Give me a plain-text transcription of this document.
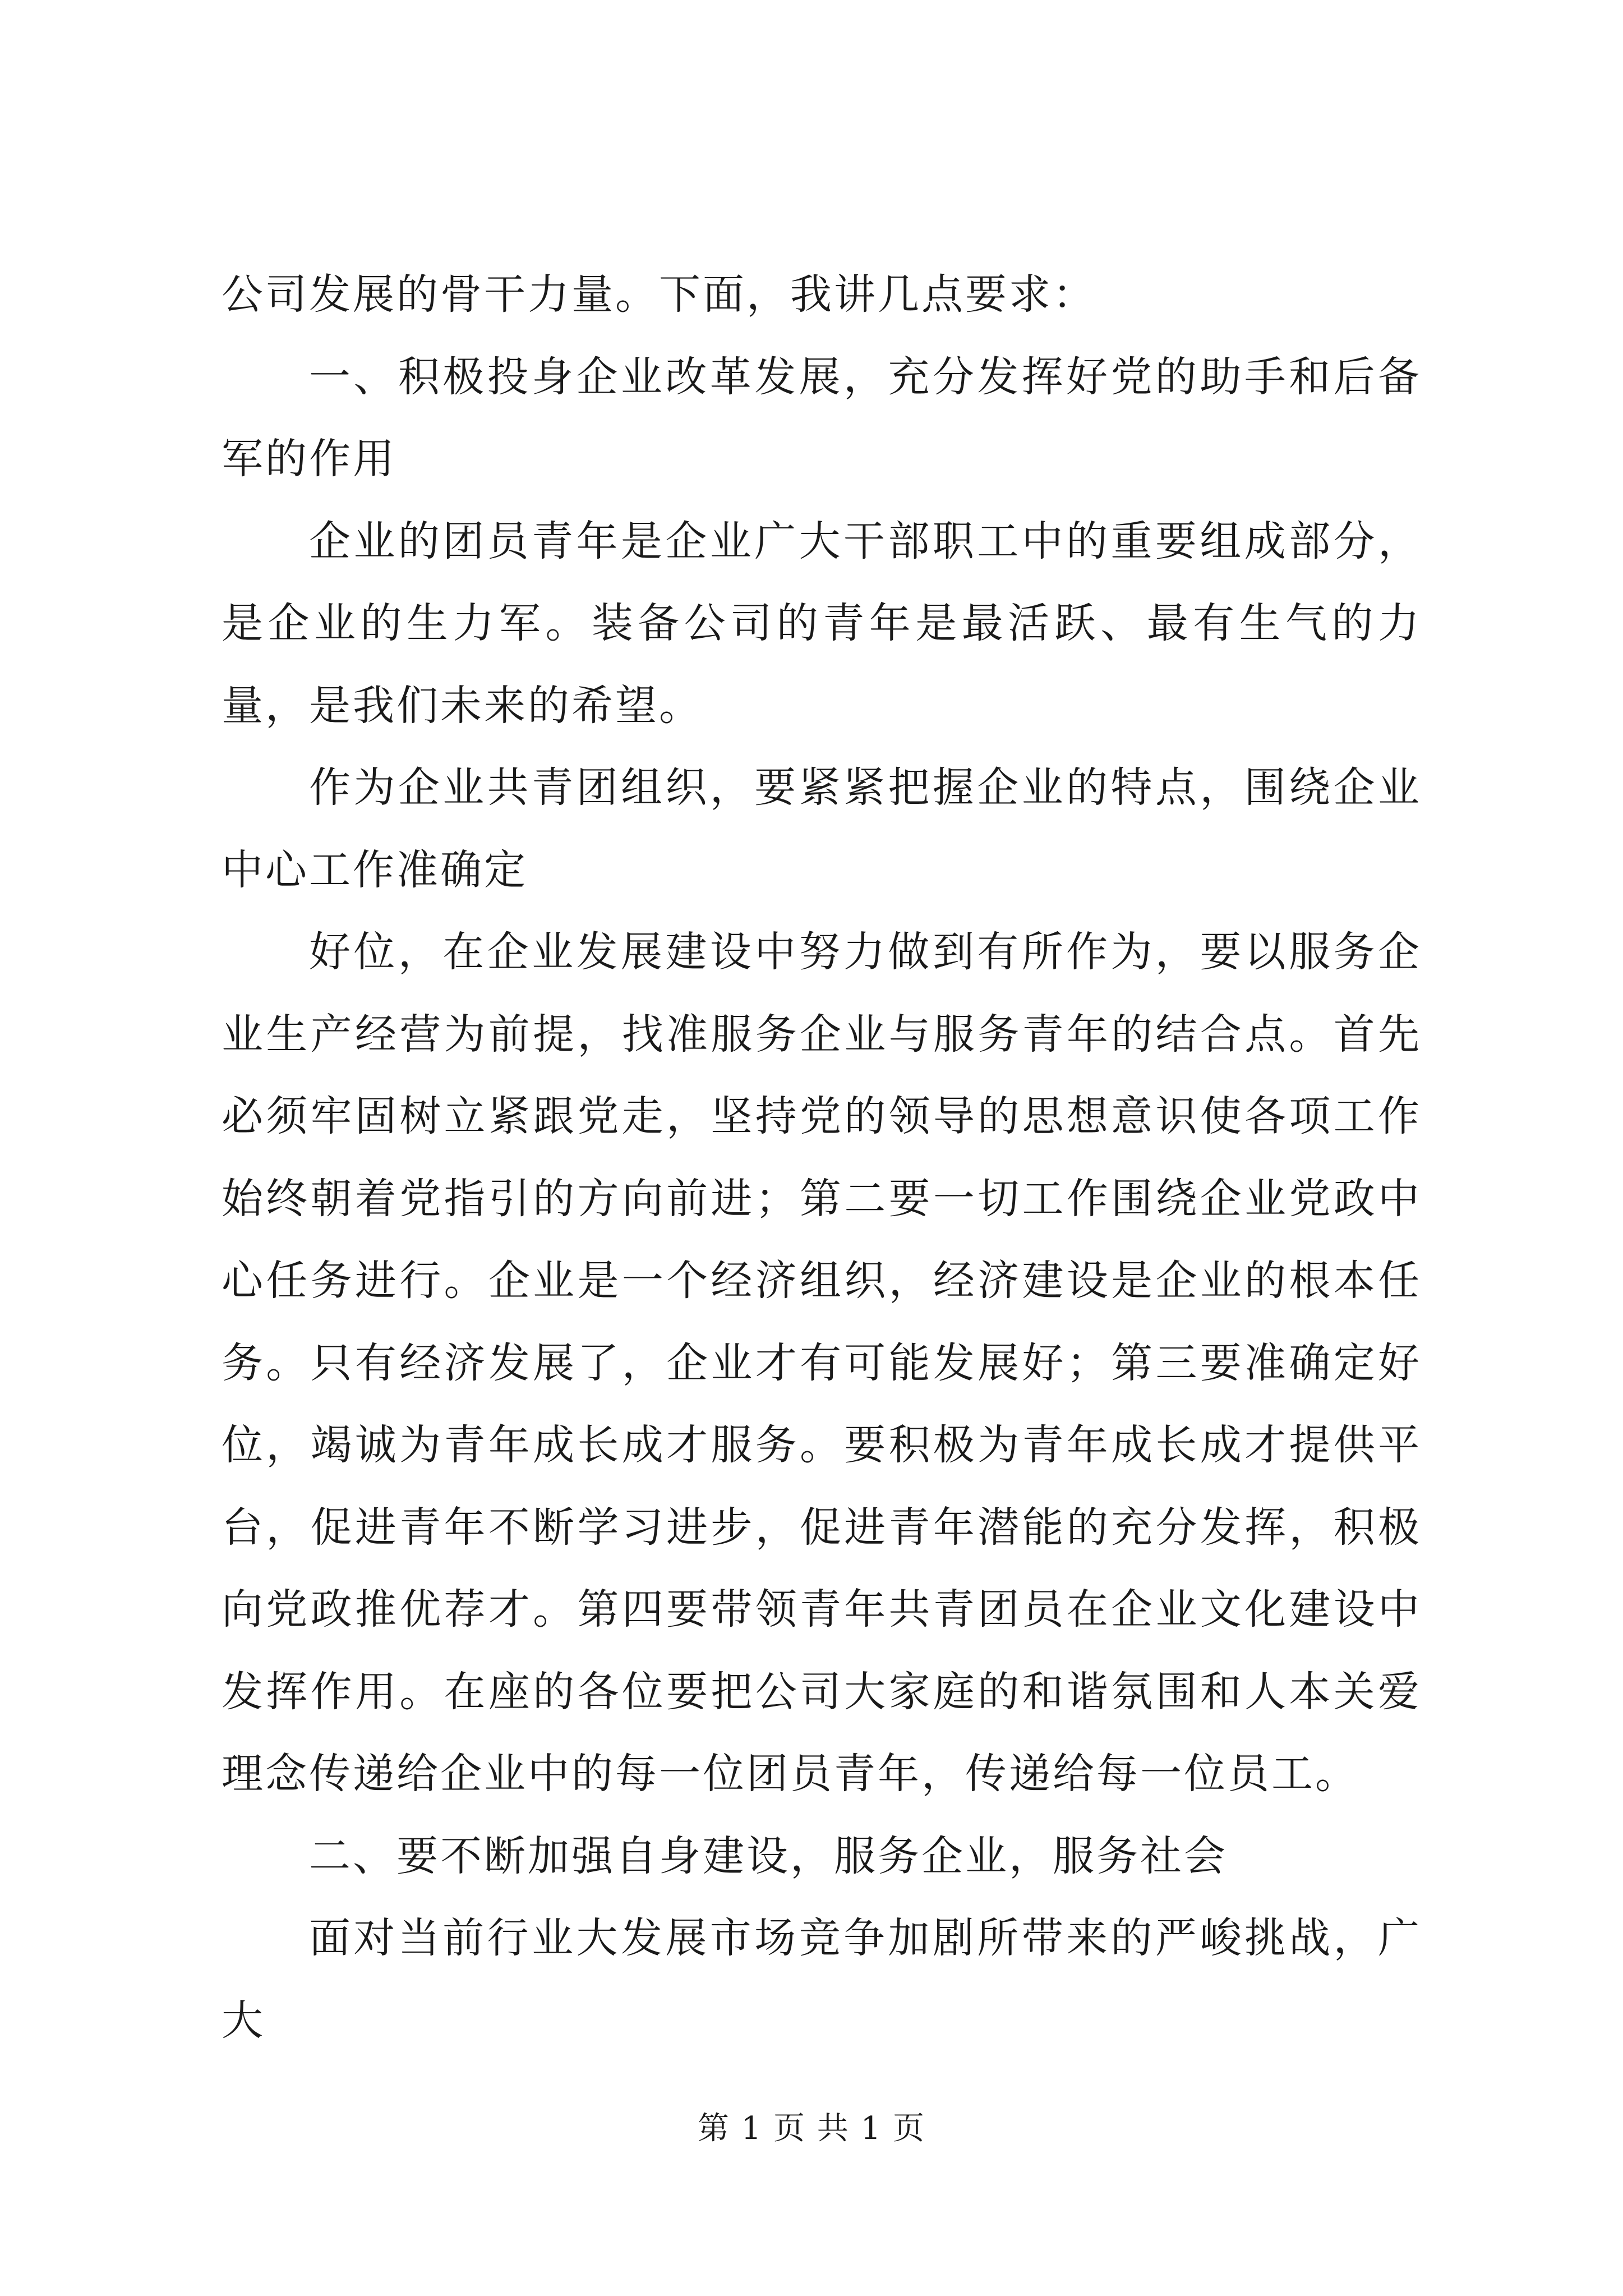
公司发展的骨干力量。下面，我讲几点要求：

一、积极投身企业改革发展，充分发挥好党的助手和后备军的作用

企业的团员青年是企业广大干部职工中的重要组成部分，是企业的生力军。装备公司的青年是最活跃、最有生气的力量，是我们未来的希望。

作为企业共青团组织，要紧紧把握企业的特点，围绕企业中心工作准确定

好位，在企业发展建设中努力做到有所作为，要以服务企业生产经营为前提，找准服务企业与服务青年的结合点。首先必须牢固树立紧跟党走，坚持党的领导的思想意识使各项工作始终朝着党指引的方向前进；第二要一切工作围绕企业党政中心任务进行。企业是一个经济组织，经济建设是企业的根本任务。只有经济发展了，企业才有可能发展好；第三要准确定好位，竭诚为青年成长成才服务。要积极为青年成长成才提供平台，促进青年不断学习进步，促进青年潜能的充分发挥，积极向党政推优荐才。第四要带领青年共青团员在企业文化建设中发挥作用。在座的各位要把公司大家庭的和谐氛围和人本关爱理念传递给企业中的每一位团员青年，传递给每一位员工。

二、要不断加强自身建设，服务企业，服务社会

面对当前行业大发展市场竞争加剧所带来的严峻挑战，广大

第 1 页 共 1 页
